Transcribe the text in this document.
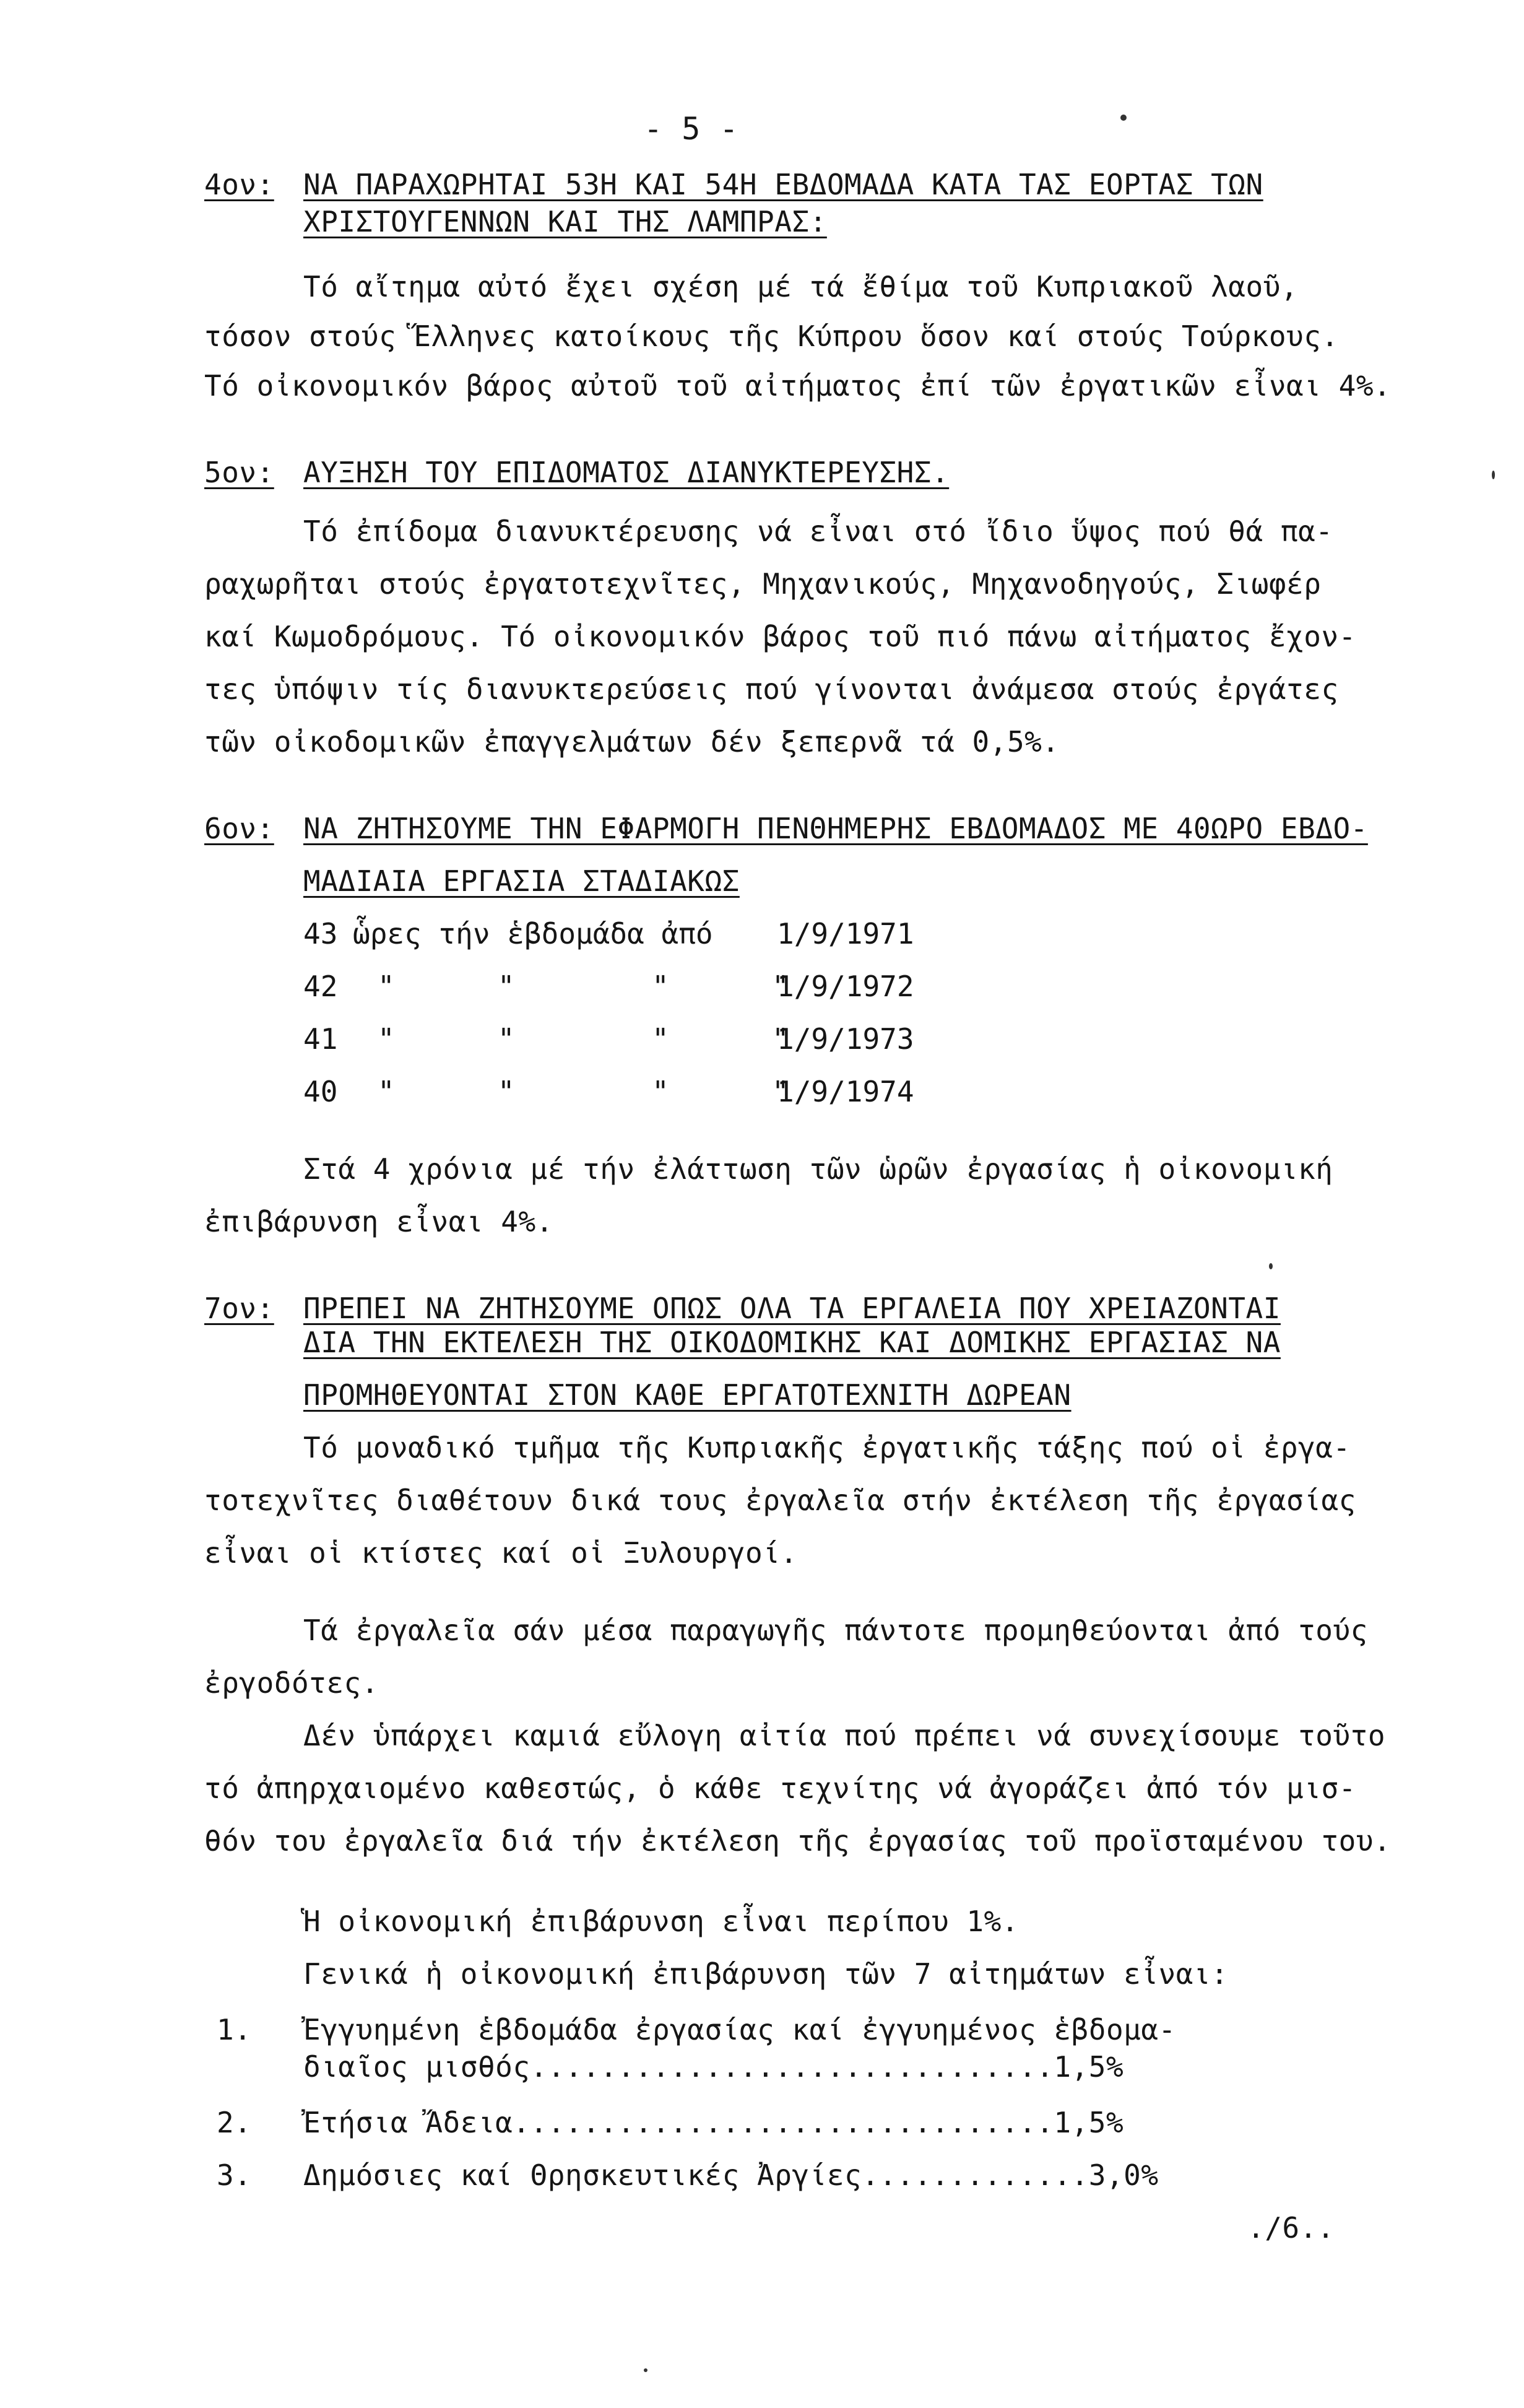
- 5 -
4ον: ΝΑ ΠΑΡΑΧΩΡΗΤΑΙ 53Η ΚΑΙ 54Η ΕΒΔΟΜΑΔΑ ΚΑΤΑ ΤΑΣ ΕΟΡΤΑΣ ΤΩΝ
ΧΡΙΣΤΟΥΓΕΝΝΩΝ ΚΑΙ ΤΗΣ ΛΑΜΠΡΑΣ:
Τό αἴτημα αὐτό ἔχει σχέση μέ τά ἔθίμα τοῦ Κυπριακοῦ λαοῦ,
τόσον στούς Ἕλληνες κατοίκους τῆς Κύπρου ὅσον καί στούς Τούρκους.
Τό οἰκονομικόν βάρος αὐτοῦ τοῦ αἰτήματος ἐπί τῶν ἐργατικῶν εἶναι 4%.
5ον: ΑΥΞΗΣΗ ΤΟΥ ΕΠΙΔΟΜΑΤΟΣ ΔΙΑΝΥΚΤΕΡΕΥΣΗΣ.
Τό ἐπίδομα διανυκτέρευσης νά εἶναι στό ἴδιο ὕψος πού θά πα-
ραχωρῆται στούς ἐργατοτεχνῖτες, Μηχανικούς, Μηχανοδηγούς, Σιωφέρ
καί Κωμοδρόμους. Τό οἰκονομικόν βάρος τοῦ πιό πάνω αἰτήματος ἔχον-
τες ὑπόψιν τίς διανυκτερεύσεις πού γίνονται ἀνάμεσα στούς ἐργάτες
τῶν οἰκοδομικῶν ἐπαγγελμάτων δέν ξεπερνᾶ τά 0,5%.
6ον: ΝΑ ΖΗΤΗΣΟΥΜΕ ΤΗΝ ΕΦΑΡΜΟΓΗ ΠΕΝΘΗΜΕΡΗΣ ΕΒΔΟΜΑΔΟΣ ΜΕ 40ΩΡΟ ΕΒΔΟ-
ΜΑΔΙΑΙΑ ΕΡΓΑΣΙΑ ΣΤΑΔΙΑΚΩΣ
43 ὧρες τήν ἑβδομάδα ἀπό 1/9/1971
42 "      "        "      "
1/9/1972
41 "      "        "      "
1/9/1973
40 "      "        "      "
1/9/1974
Στά 4 χρόνια μέ τήν ἐλάττωση τῶν ὡρῶν ἐργασίας ἡ οἰκονομική
ἐπιβάρυνση εἶναι 4%.
7ον: ΠΡΕΠΕΙ ΝΑ ΖΗΤΗΣΟΥΜΕ ΟΠΩΣ ΟΛΑ ΤΑ ΕΡΓΑΛΕΙΑ ΠΟΥ ΧΡΕΙΑΖΟΝΤΑΙ
ΔΙΑ ΤΗΝ ΕΚΤΕΛΕΣΗ ΤΗΣ ΟΙΚΟΔΟΜΙΚΗΣ ΚΑΙ ΔΟΜΙΚΗΣ ΕΡΓΑΣΙΑΣ ΝΑ
ΠΡΟΜΗΘΕΥΟΝΤΑΙ ΣΤΟΝ ΚΑΘΕ ΕΡΓΑΤΟΤΕΧΝΙΤΗ ΔΩΡΕΑΝ
Τό μοναδικό τμῆμα τῆς Κυπριακῆς ἐργατικῆς τάξης πού οἱ ἐργα-
τοτεχνῖτες διαθέτουν δικά τους ἐργαλεῖα στήν ἐκτέλεση τῆς ἐργασίας
εἶναι οἱ κτίστες καί οἱ Ξυλουργοί.
Τά ἐργαλεῖα σάν μέσα παραγωγῆς πάντοτε προμηθεύονται ἀπό τούς
ἐργοδότες.
Δέν ὑπάρχει καμιά εὔλογη αἰτία πού πρέπει νά συνεχίσουμε τοῦτο
τό ἀπηρχαιομένο καθεστώς, ὁ κάθε τεχνίτης νά ἀγοράζει ἀπό τόν μισ-
θόν του ἐργαλεῖα διά τήν ἐκτέλεση τῆς ἐργασίας τοῦ προϊσταμένου του.
Ἡ οἰκονομική ἐπιβάρυνση εἶναι περίπου 1%.
Γενικά ἡ οἰκονομική ἐπιβάρυνση τῶν 7 αἰτημάτων εἶναι:
1. Ἐγγυημένη ἑβδομάδα ἐργασίας καί ἐγγυημένος ἑβδομα-
διαῖος μισθός..............................1,5%
2. Ἐτήσια Ἄδεια...............................1,5%
3. Δημόσιες καί Θρησκευτικές Ἀργίες.............3,0%
./6..
